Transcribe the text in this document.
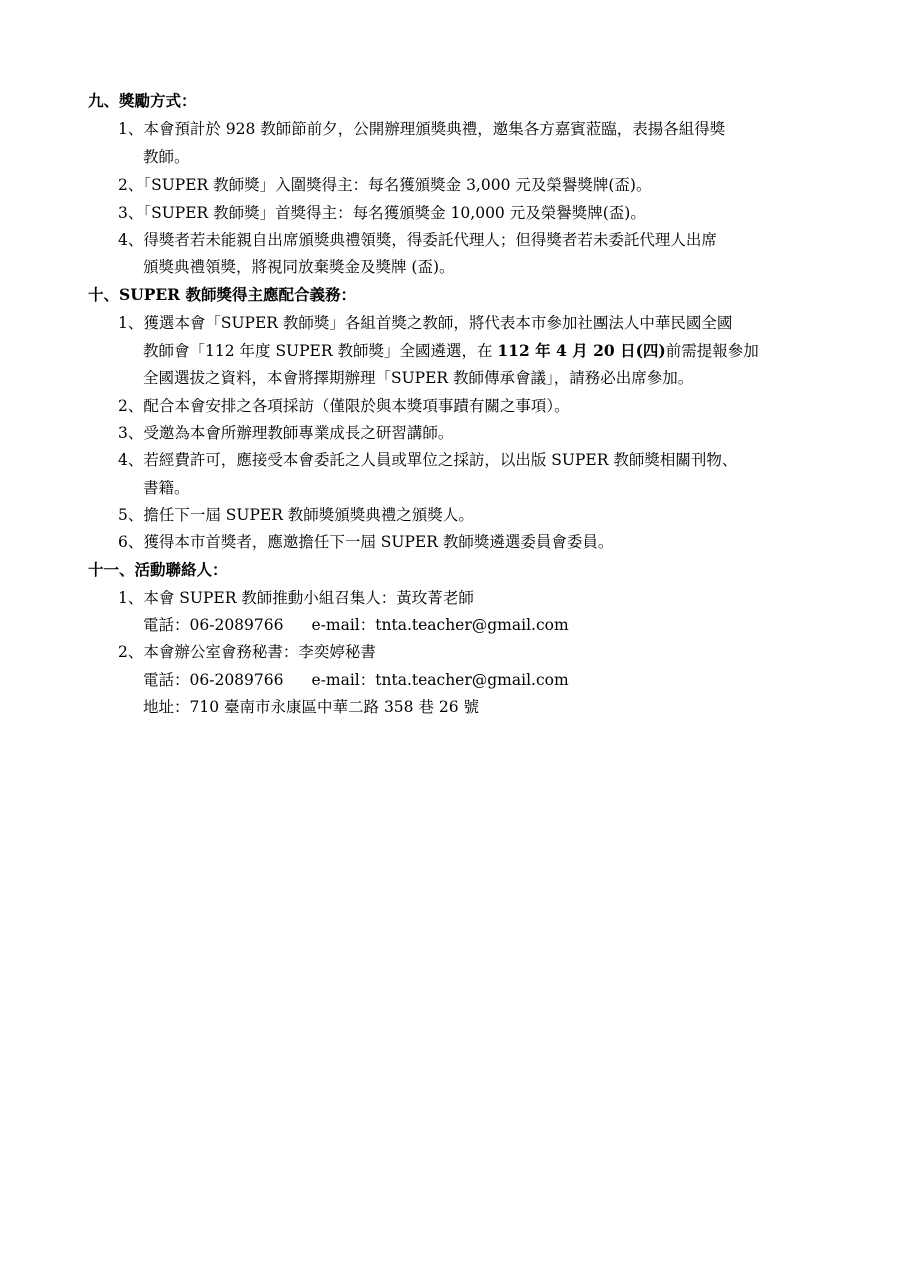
九、獎勵方式：
1、本會預計於 928 教師節前夕，公開辦理頒獎典禮，邀集各方嘉賓蒞臨，表揚各組得獎
教師。
2、「SUPER 教師獎」入圍獎得主：每名獲頒獎金 3,000 元及榮譽獎牌(盃)。
3、「SUPER 教師獎」首獎得主：每名獲頒獎金 10,000 元及榮譽獎牌(盃)。
4、得獎者若未能親自出席頒獎典禮領獎，得委託代理人；但得獎者若未委託代理人出席
頒獎典禮領獎，將視同放棄獎金及獎牌 (盃)。
十、SUPER 教師獎得主應配合義務：
1、獲選本會「SUPER 教師獎」各組首獎之教師，將代表本市參加社團法人中華民國全國
教師會「112 年度 SUPER 教師獎」全國遴選，在 112 年 4 月 20 日(四)前需提報參加
全國選拔之資料，本會將擇期辦理「SUPER 教師傳承會議」，請務必出席參加。
2、配合本會安排之各項採訪（僅限於與本獎項事蹟有關之事項）。
3、受邀為本會所辦理教師專業成長之研習講師。
4、若經費許可，應接受本會委託之人員或單位之採訪，以出版 SUPER 教師獎相關刊物、
書籍。
5、擔任下一屆 SUPER 教師獎頒獎典禮之頒獎人。
6、獲得本市首獎者，應邀擔任下一屆 SUPER 教師獎遴選委員會委員。
十一、活動聯絡人：
1、本會 SUPER 教師推動小組召集人：黃玫菁老師
電話：06-2089766 e-mail：tnta.teacher@gmail.com
2、本會辦公室會務秘書：李奕婷秘書
電話：06-2089766 e-mail：tnta.teacher@gmail.com
地址：710 臺南市永康區中華二路 358 巷 26 號
